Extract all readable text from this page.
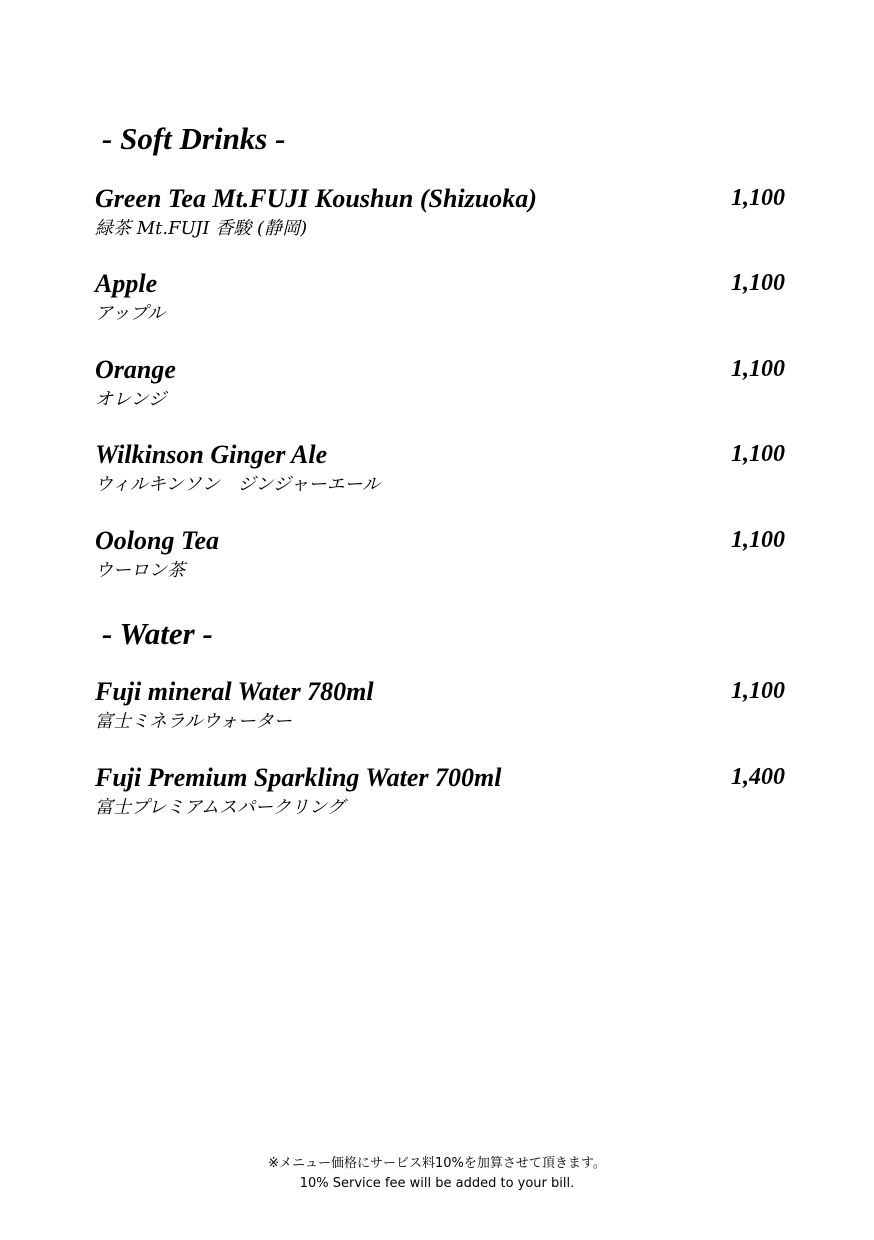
- Soft Drinks -
Green Tea Mt.FUJI Koushun (Shizuoka)
緑茶 Mt.FUJI 香駿 (静岡)
1,100
Apple
アップル
1,100
Orange
オレンジ
1,100
Wilkinson Ginger Ale
ウィルキンソン　ジンジャーエール
1,100
Oolong Tea
ウーロン茶
1,100
- Water -
Fuji mineral Water 780ml
富士ミネラルウォーター
1,100
Fuji Premium Sparkling Water 700ml
富士プレミアムスパークリング
1,400
※メニュー価格にサービス料10%を加算させて頂きます。
10% Service fee will be added to your bill.
